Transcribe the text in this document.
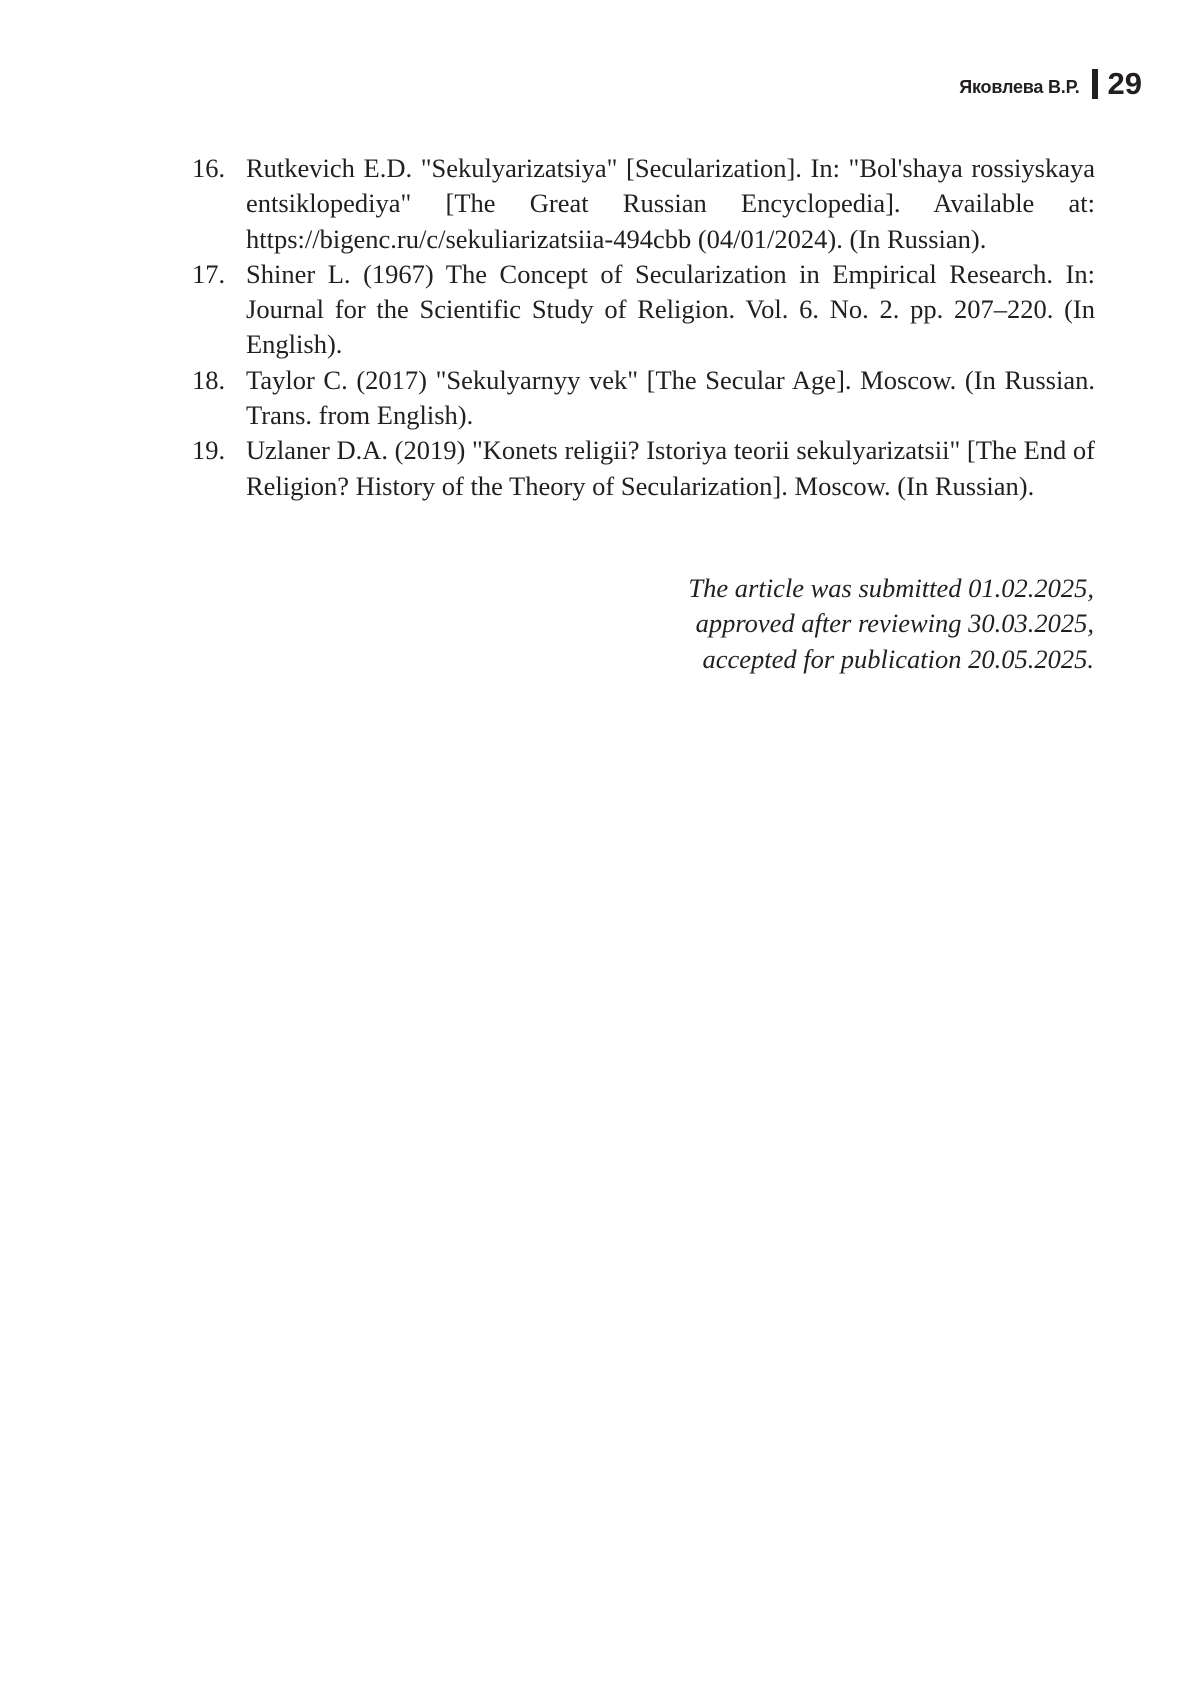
Яковлева В.Р. 29
16. Rutkevich E.D. "Sekulyarizatsiya" [Secularization]. In: "Bol'shaya rossiyskaya entsiklopediya" [The Great Russian Encyclopedia]. Available at: https://bigenc.ru/c/sekuliarizatsiia-494cbb (04/01/2024). (In Russian).
17. Shiner L. (1967) The Concept of Secularization in Empirical Research. In: Journal for the Scientific Study of Religion. Vol. 6. No. 2. pp. 207–220. (In English).
18. Taylor C. (2017) "Sekulyarnyy vek" [The Secular Age]. Moscow. (In Russian. Trans. from English).
19. Uzlaner D.A. (2019) "Konets religii? Istoriya teorii sekulyarizatsii" [The End of Religion? History of the Theory of Secularization]. Moscow. (In Russian).
The article was submitted 01.02.2025,
approved after reviewing 30.03.2025,
accepted for publication 20.05.2025.
